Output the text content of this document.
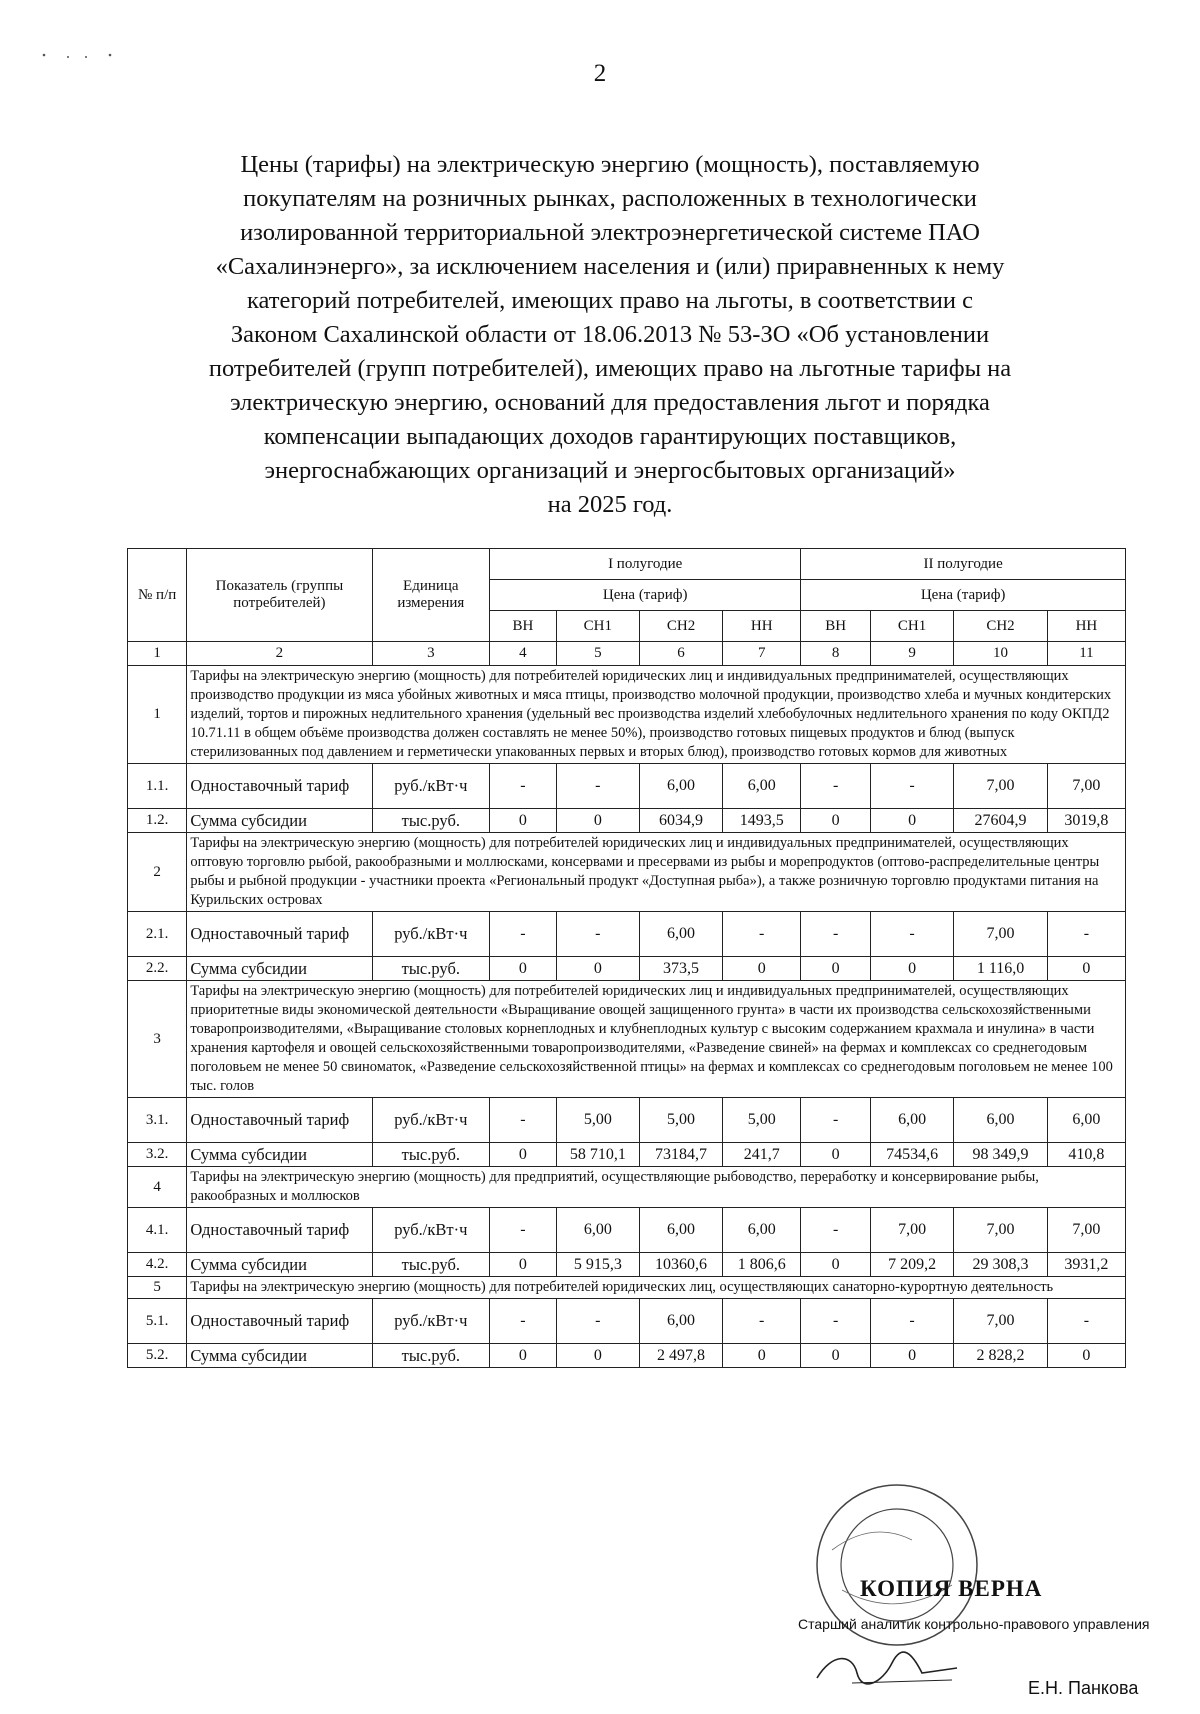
2
Цены (тарифы) на электрическую энергию (мощность), поставляемую
покупателям на розничных рынках, расположенных в технологически
изолированной территориальной электроэнергетической системе ПАО
«Сахалинэнерго», за исключением населения и (или) приравненных к нему
категорий потребителей, имеющих право на льготы, в соответствии с
Законом Сахалинской области от 18.06.2013 № 53-ЗО «Об установлении
потребителей (групп потребителей), имеющих право на льготные тарифы на
электрическую энергию, оснований для предоставления льгот и порядка
компенсации выпадающих доходов гарантирующих поставщиков,
энергоснабжающих организаций и энергосбытовых организаций»
на 2025 год.
№ п/п	Показатель (группы потребителей)	Единица измерения	I полугодие				II полугодие			
			Цена (тариф)				Цена (тариф)			
			ВН	СН1	СН2	НН	ВН	СН1	СН2	НН
1	2	3	4	5	6	7	8	9	10	11
1	Тарифы на электрическую энергию (мощность) для потребителей юридических лиц и индивидуальных предпринимателей, осуществляющих производство продукции из мяса убойных животных и мяса птицы, производство молочной продукции, производство хлеба и мучных кондитерских изделий, тортов и пирожных недлительного хранения (удельный вес производства изделий хлебобулочных недлительного хранения по коду ОКПД2 10.71.11 в общем объёме производства должен составлять не менее 50%), производство готовых пищевых продуктов и блюд (выпуск стерилизованных под давлением и герметически упакованных первых и вторых блюд), производство готовых кормов для животных									
1.1.	Одноставочный тариф	руб./кВт·ч	-	-	6,00	6,00	-	-	7,00	7,00
1.2.	Сумма субсидии	тыс.руб.	0	0	6034,9	1493,5	0	0	27604,9	3019,8
2	Тарифы на электрическую энергию (мощность) для потребителей юридических лиц и индивидуальных предпринимателей, осуществляющих оптовую торговлю рыбой, ракообразными и моллюсками, консервами и пресервами из рыбы и морепродуктов (оптово-распределительные центры рыбы и рыбной продукции - участники проекта «Региональный продукт «Доступная рыба»), а также розничную торговлю продуктами питания на Курильских островах									
2.1.	Одноставочный тариф	руб./кВт·ч	-	-	6,00	-	-	-	7,00	-
2.2.	Сумма субсидии	тыс.руб.	0	0	373,5	0	0	0	1 116,0	0
3	Тарифы на электрическую энергию (мощность) для потребителей юридических лиц и индивидуальных предпринимателей, осуществляющих приоритетные виды экономической деятельности «Выращивание овощей защищенного грунта» в части их производства сельскохозяйственными товаропроизводителями, «Выращивание столовых корнеплодных и клубнеплодных культур с высоким содержанием крахмала и инулина» в части хранения картофеля и овощей сельскохозяйственными товаропроизводителями, «Разведение свиней» на фермах и комплексах со среднегодовым поголовьем не менее 50 свиноматок, «Разведение сельскохозяйственной птицы» на фермах и комплексах со среднегодовым поголовьем не менее 100 тыс. голов									
3.1.	Одноставочный тариф	руб./кВт·ч	-	5,00	5,00	5,00	-	6,00	6,00	6,00
3.2.	Сумма субсидии	тыс.руб.	0	58 710,1	73184,7	241,7	0	74534,6	98 349,9	410,8
4	Тарифы на электрическую энергию (мощность) для предприятий, осуществляющие рыбоводство, переработку и консервирование рыбы, ракообразных и моллюсков									
4.1.	Одноставочный тариф	руб./кВт·ч	-	6,00	6,00	6,00	-	7,00	7,00	7,00
4.2.	Сумма субсидии	тыс.руб.	0	5 915,3	10360,6	1 806,6	0	7 209,2	29 308,3	3931,2
5	Тарифы на электрическую энергию (мощность) для потребителей юридических лиц, осуществляющих санаторно-курортную деятельность									
5.1.	Одноставочный тариф	руб./кВт·ч	-	-	6,00	-	-	-	7,00	-
5.2.	Сумма субсидии	тыс.руб.	0	0	2 497,8	0	0	0	2 828,2	0
КОПИЯ ВЕРНА
Старший аналитик контрольно-правового управления
Е.Н. Панкова
